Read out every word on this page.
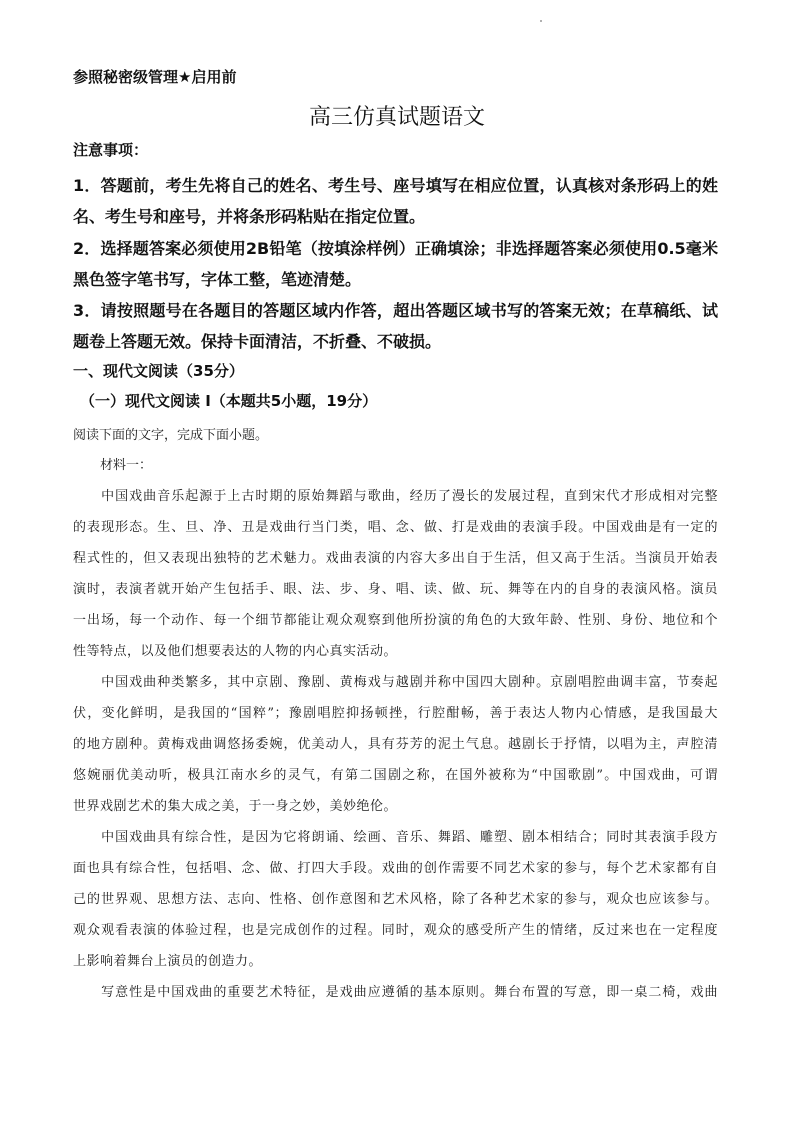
参照秘密级管理★启用前
高三仿真试题语文
注意事项：
1．答题前，考生先将自己的姓名、考生号、座号填写在相应位置，认真核对条形码上的姓
名、考生号和座号，并将条形码粘贴在指定位置。
2．选择题答案必须使用2B铅笔（按填涂样例）正确填涂；非选择题答案必须使用0.5毫米
黑色签字笔书写，字体工整，笔迹清楚。
3．请按照题号在各题目的答题区域内作答，超出答题区域书写的答案无效；在草稿纸、试
题卷上答题无效。保持卡面清洁，不折叠、不破损。
一、现代文阅读（35分）
（一）现代文阅读 I（本题共5小题，19分）
阅读下面的文字，完成下面小题。
材料一：
　　中国戏曲音乐起源于上古时期的原始舞蹈与歌曲，经历了漫长的发展过程，直到宋代才形成相对完整
的表现形态。生、旦、净、丑是戏曲行当门类，唱、念、做、打是戏曲的表演手段。中国戏曲是有一定的
程式性的，但又表现出独特的艺术魅力。戏曲表演的内容大多出自于生活，但又高于生活。当演员开始表
演时，表演者就开始产生包括手、眼、法、步、身、唱、读、做、玩、舞等在内的自身的表演风格。演员
一出场，每一个动作、每一个细节都能让观众观察到他所扮演的角色的大致年龄、性别、身份、地位和个
性等特点，以及他们想要表达的人物的内心真实活动。
　　中国戏曲种类繁多，其中京剧、豫剧、黄梅戏与越剧并称中国四大剧种。京剧唱腔曲调丰富，节奏起
伏，变化鲜明，是我国的“国粹”；豫剧唱腔抑扬顿挫，行腔酣畅，善于表达人物内心情感，是我国最大
的地方剧种。黄梅戏曲调悠扬委婉，优美动人，具有芬芳的泥土气息。越剧长于抒情，以唱为主，声腔清
悠婉丽优美动听，极具江南水乡的灵气，有第二国剧之称，在国外被称为“中国歌剧”。中国戏曲，可谓
世界戏剧艺术的集大成之美，于一身之妙，美妙绝伦。
　　中国戏曲具有综合性，是因为它将朗诵、绘画、音乐、舞蹈、雕塑、剧本相结合；同时其表演手段方
面也具有综合性，包括唱、念、做、打四大手段。戏曲的创作需要不同艺术家的参与，每个艺术家都有自
己的世界观、思想方法、志向、性格、创作意图和艺术风格，除了各种艺术家的参与，观众也应该参与。
观众观看表演的体验过程，也是完成创作的过程。同时，观众的感受所产生的情绪，反过来也在一定程度
上影响着舞台上演员的创造力。
　　写意性是中国戏曲的重要艺术特征，是戏曲应遵循的基本原则。舞台布置的写意，即一桌二椅，戏曲
